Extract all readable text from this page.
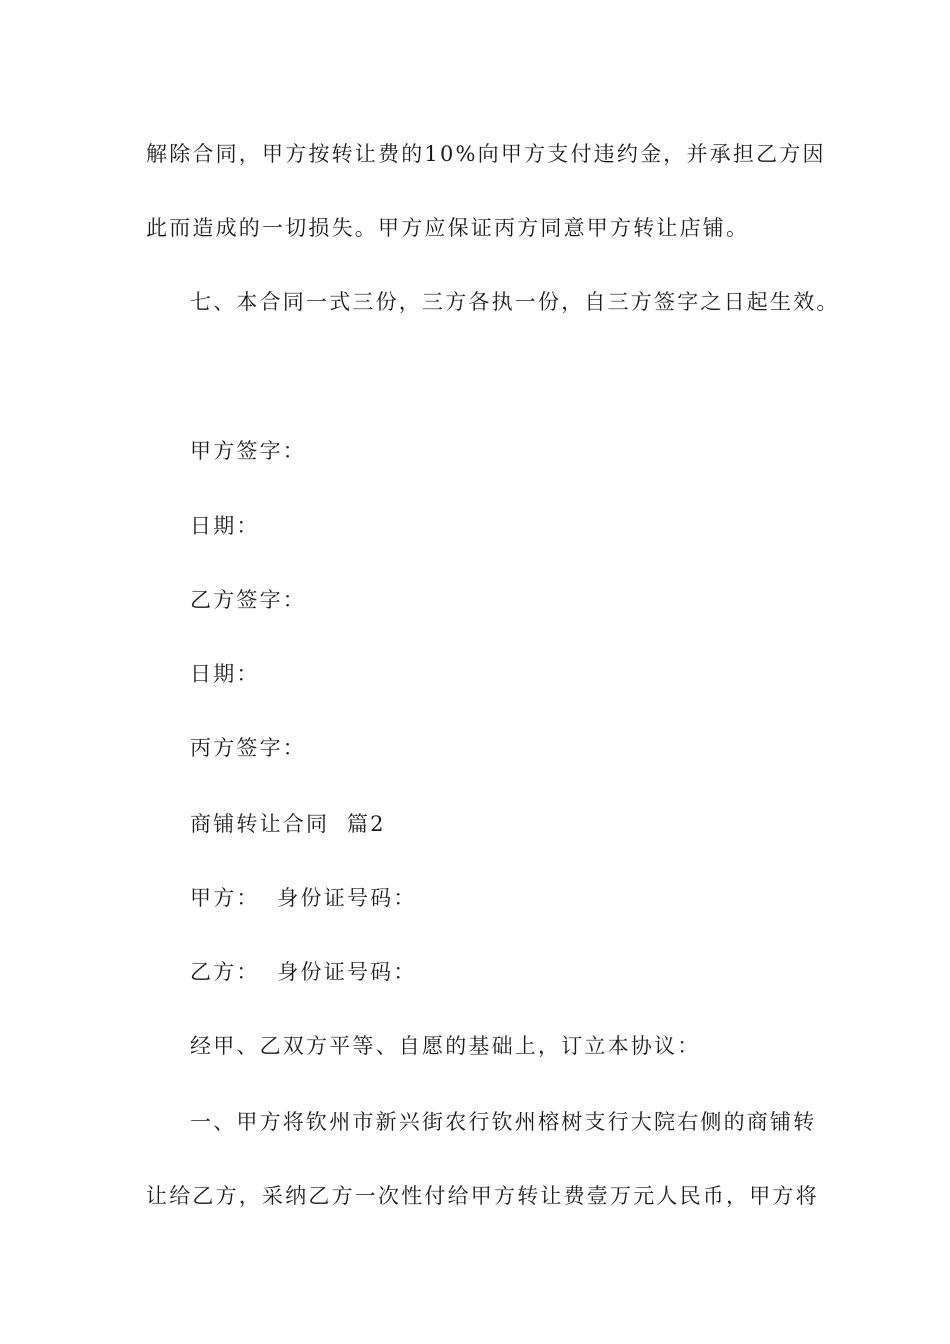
解除合同，甲方按转让费的10%向甲方支付违约金，并承担乙方因
此而造成的一切损失。甲方应保证丙方同意甲方转让店铺。
七、本合同一式三份，三方各执一份，自三方签字之日起生效。
甲方签字：
日期：
乙方签字：
日期：
丙方签字：
商铺转让合同  篇2
甲方：  身份证号码：
乙方：  身份证号码：
经甲、乙双方平等、自愿的基础上，订立本协议：
一、甲方将钦州市新兴街农行钦州榕树支行大院右侧的商铺转
让给乙方，采纳乙方一次性付给甲方转让费壹万元人民币，甲方将
